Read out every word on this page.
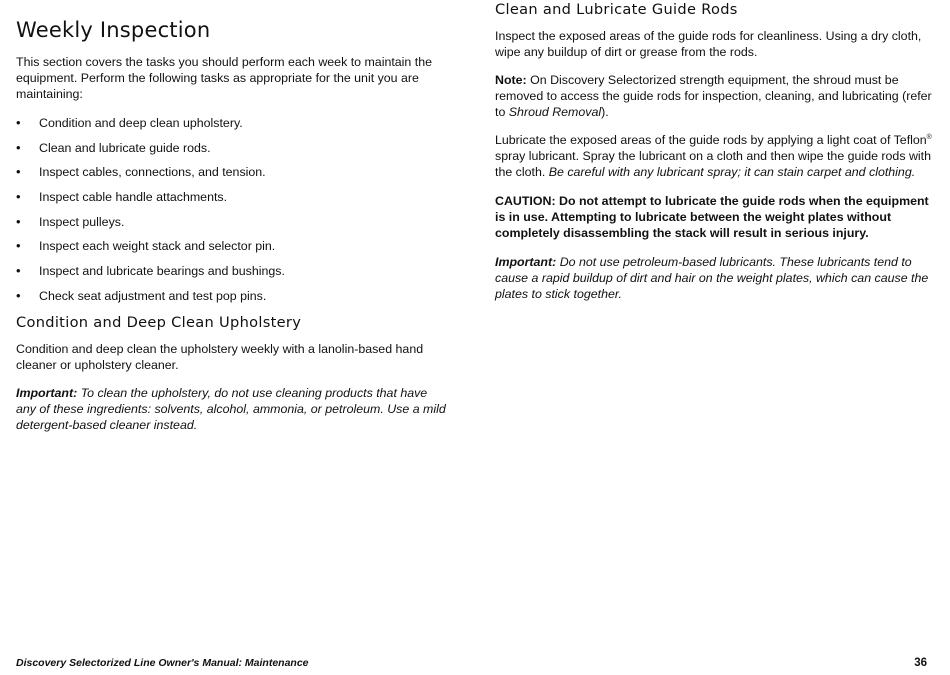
Weekly Inspection

This section covers the tasks you should perform each week to maintain the equipment. Perform the following tasks as appropriate for the unit you are maintaining:

• Condition and deep clean upholstery.
• Clean and lubricate guide rods.
• Inspect cables, connections, and tension.
• Inspect cable handle attachments.
• Inspect pulleys.
• Inspect each weight stack and selector pin.
• Inspect and lubricate bearings and bushings.
• Check seat adjustment and test pop pins.
Condition and Deep Clean Upholstery

Condition and deep clean the upholstery weekly with a lanolin-based hand cleaner or upholstery cleaner.

Important: To clean the upholstery, do not use cleaning products that have any of these ingredients: solvents, alcohol, ammonia, or petroleum. Use a mild detergent-based cleaner instead.

Clean and Lubricate Guide Rods

Inspect the exposed areas of the guide rods for cleanliness. Using a dry cloth, wipe any buildup of dirt or grease from the rods.

Note: On Discovery Selectorized strength equipment, the shroud must be removed to access the guide rods for inspection, cleaning, and lubricating (refer to Shroud Removal).

Lubricate the exposed areas of the guide rods by applying a light coat of Teflon® spray lubricant. Spray the lubricant on a cloth and then wipe the guide rods with the cloth. Be careful with any lubricant spray; it can stain carpet and clothing.

CAUTION: Do not attempt to lubricate the guide rods when the equipment is in use. Attempting to lubricate between the weight plates without completely disassembling the stack will result in serious injury.

Important: Do not use petroleum-based lubricants. These lubricants tend to cause a rapid buildup of dirt and hair on the weight plates, which can cause the plates to stick together.

Discovery Selectorized Line Owner's Manual: Maintenance	36
